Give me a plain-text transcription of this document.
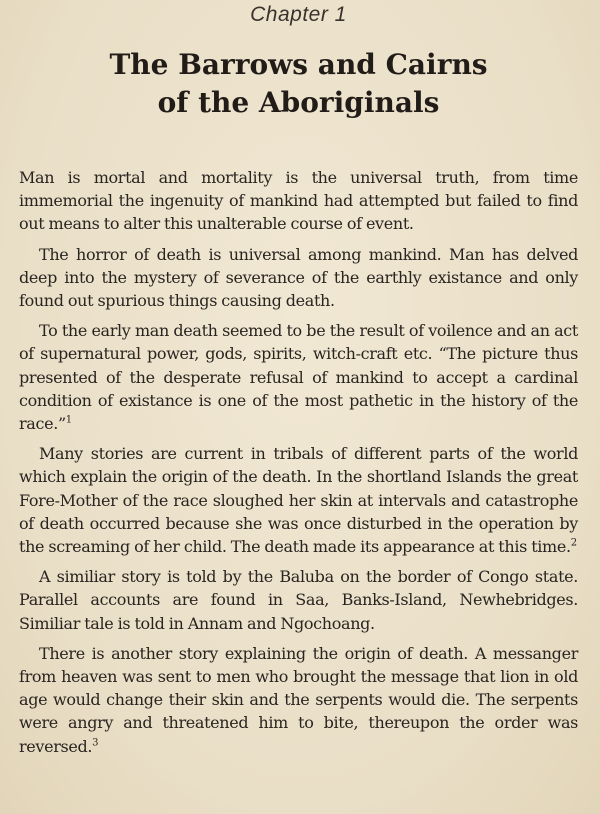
Chapter 1
The Barrows and Cairns
of the Aboriginals

Man is mortal and mortality is the universal truth, from time immemorial the ingenuity of mankind had attempted but failed to find out means to alter this unalterable course of event.

The horror of death is universal among mankind. Man has delved deep into the mystery of severance of the earthly existance and only found out spurious things causing death.

To the early man death seemed to be the result of voilence and an act of supernatural power, gods, spirits, witch-craft etc. “The picture thus presented of the desperate refusal of mankind to accept a cardinal condition of existance is one of the most pathetic in the history of the race.”$^1$

Many stories are current in tribals of different parts of the world which explain the origin of the death. In the shortland Islands the great Fore-Mother of the race sloughed her skin at intervals and catastrophe of death occurred because she was once disturbed in the operation by the screaming of her child. The death made its appearance at this time.$^2$

A similiar story is told by the Baluba on the border of Congo state. Parallel accounts are found in Saa, Banks-Island, Newhebridges. Similiar tale is told in Annam and Ngochoang.

There is another story explaining the origin of death. A messanger from heaven was sent to men who brought the message that lion in old age would change their skin and the serpents would die. The serpents were angry and threatened him to bite, thereupon the order was reversed.$^3$
